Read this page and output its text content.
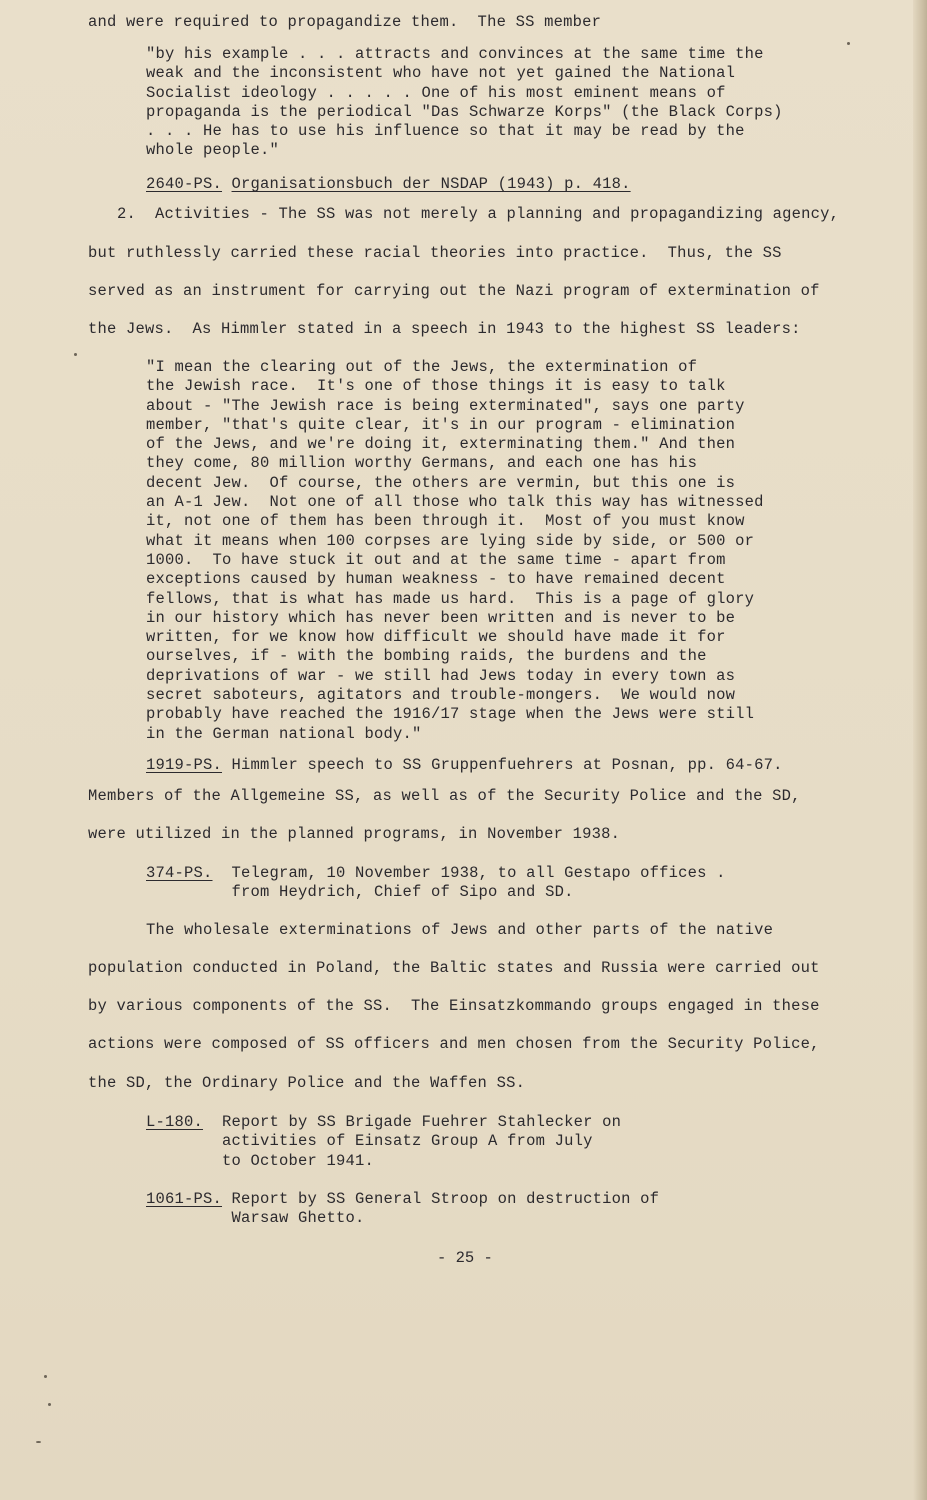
and were required to propagandize them.  The SS member
"by his example . . . attracts and convinces at the same time the
weak and the inconsistent who have not yet gained the National
Socialist ideology . . . . . One of his most eminent means of
propaganda is the periodical "Das Schwarze Korps" (the Black Corps)
. . . He has to use his influence so that it may be read by the
whole people."
2640-PS. Organisationsbuch der NSDAP (1943) p. 418.
2.  Activities - The SS was not merely a planning and propagandizing agency,
but ruthlessly carried these racial theories into practice.  Thus, the SS
served as an instrument for carrying out the Nazi program of extermination of
the Jews.  As Himmler stated in a speech in 1943 to the highest SS leaders:
"I mean the clearing out of the Jews, the extermination of
the Jewish race.  It's one of those things it is easy to talk
about - "The Jewish race is being exterminated", says one party
member, "that's quite clear, it's in our program - elimination
of the Jews, and we're doing it, exterminating them." And then
they come, 80 million worthy Germans, and each one has his
decent Jew.  Of course, the others are vermin, but this one is
an A-1 Jew.  Not one of all those who talk this way has witnessed
it, not one of them has been through it.  Most of you must know
what it means when 100 corpses are lying side by side, or 500 or
1000.  To have stuck it out and at the same time - apart from
exceptions caused by human weakness - to have remained decent
fellows, that is what has made us hard.  This is a page of glory
in our history which has never been written and is never to be
written, for we know how difficult we should have made it for
ourselves, if - with the bombing raids, the burdens and the
deprivations of war - we still had Jews today in every town as
secret saboteurs, agitators and trouble-mongers.  We would now
probably have reached the 1916/17 stage when the Jews were still
in the German national body."
1919-PS. Himmler speech to SS Gruppenfuehrers at Posnan, pp. 64-67.
Members of the Allgemeine SS, as well as of the Security Police and the SD,
were utilized in the planned programs, in November 1938.
374-PS. Telegram, 10 November 1938, to all Gestapo offices .
from Heydrich, Chief of Sipo and SD.
The wholesale exterminations of Jews and other parts of the native
population conducted in Poland, the Baltic states and Russia were carried out
by various components of the SS.  The Einsatzkommando groups engaged in these
actions were composed of SS officers and men chosen from the Security Police,
the SD, the Ordinary Police and the Waffen SS.
L-180. Report by SS Brigade Fuehrer Stahlecker on
activities of Einsatz Group A from July
to October 1941.
1061-PS. Report by SS General Stroop on destruction of
Warsaw Ghetto.
- 25 -
